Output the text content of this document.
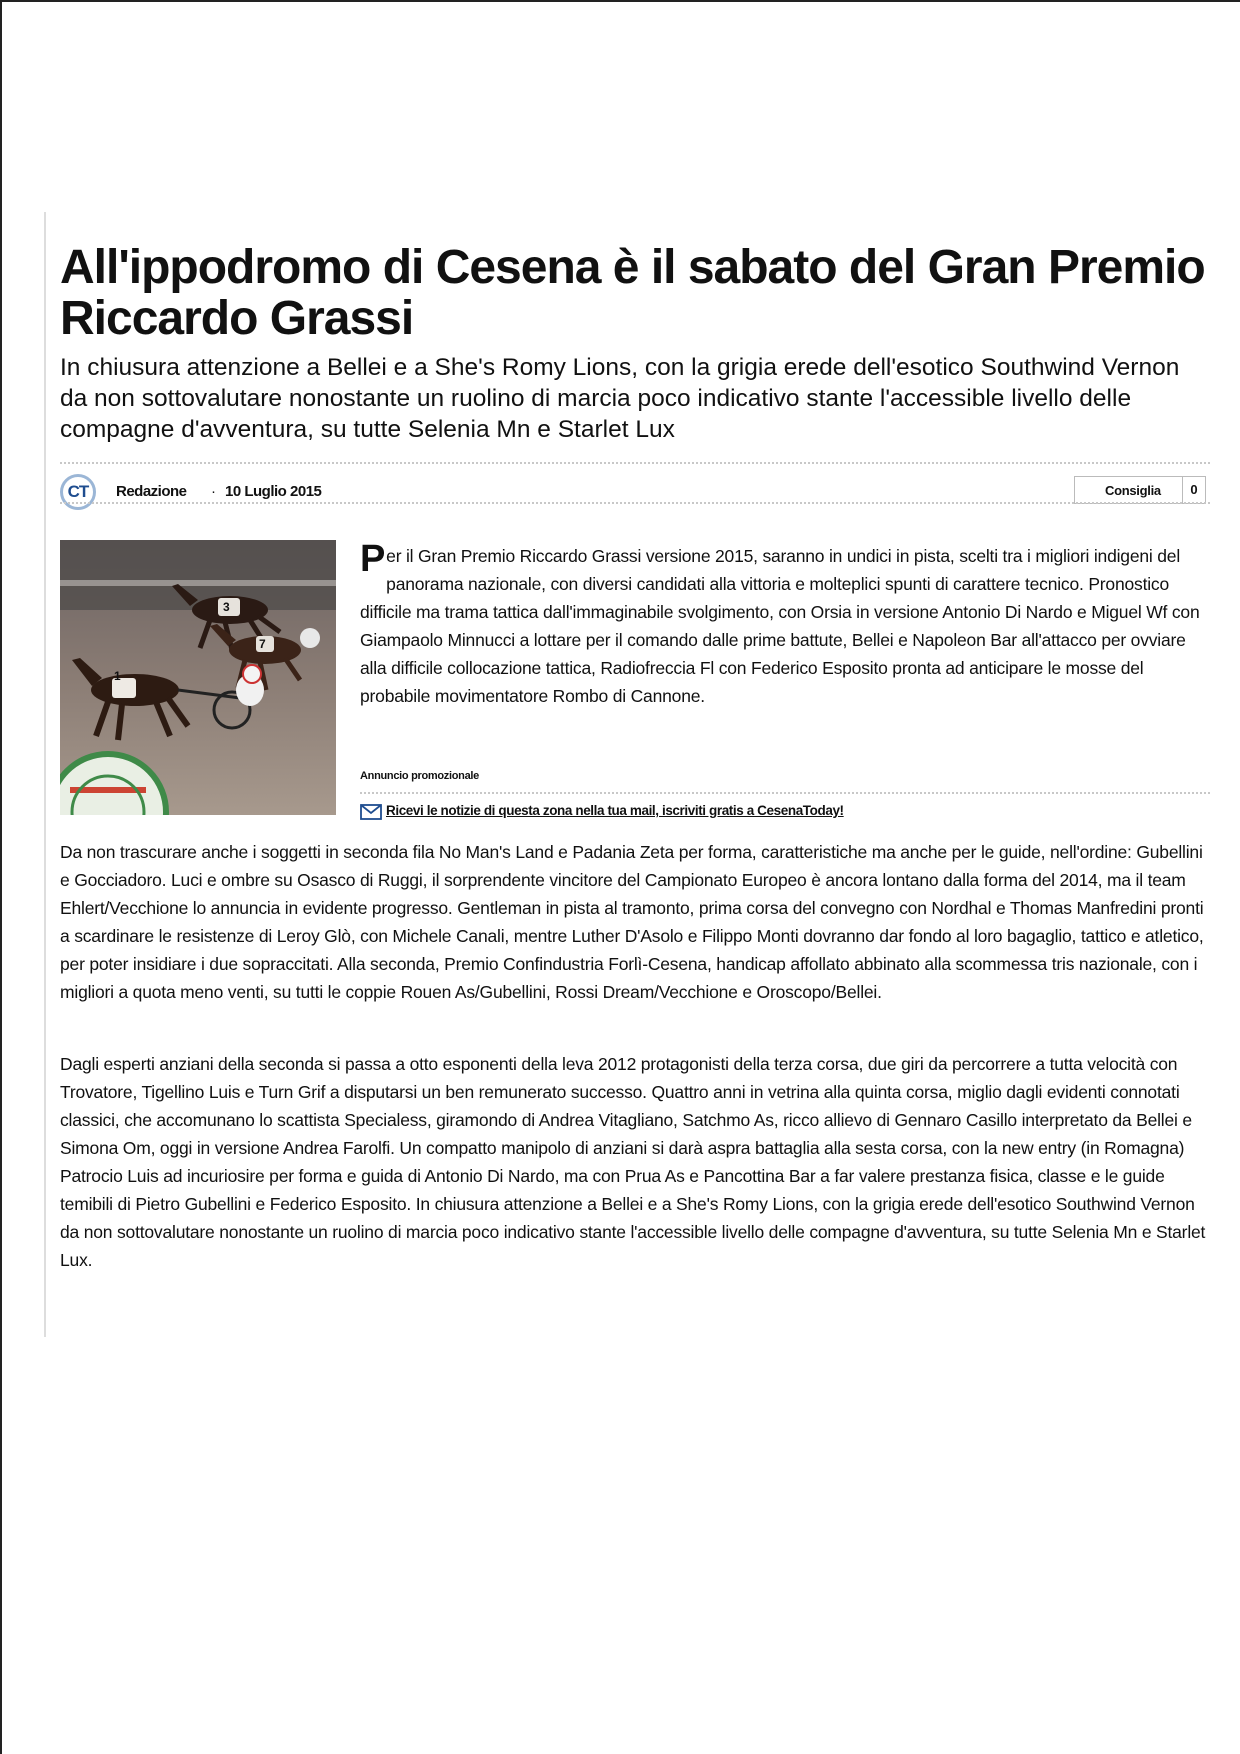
All'ippodromo di Cesena è il sabato del Gran Premio Riccardo Grassi

In chiusura attenzione a Bellei e a She's Romy Lions, con la grigia erede dell'esotico Southwind Vernon da non sottovalutare nonostante un ruolino di marcia poco indicativo stante l'accessible livello delle compagne d'avventura, su tutte Selenia Mn e Starlet Lux

CT	Redazione · 10 Luglio 2015	Consiglia	0
1
3
7

Per il Gran Premio Riccardo Grassi versione 2015, saranno in undici in pista, scelti tra i migliori indigeni del panorama nazionale, con diversi candidati alla vittoria e molteplici spunti di carattere tecnico. Pronostico difficile ma trama tattica dall'immaginabile svolgimento, con Orsia in versione Antonio Di Nardo e Miguel Wf con Giampaolo Minnucci a lottare per il comando dalle prime battute, Bellei e Napoleon Bar all'attacco per ovviare alla difficile collocazione tattica, Radiofreccia Fl con Federico Esposito pronta ad anticipare le mosse del probabile movimentatore Rombo di Cannone.

Annuncio promozionale
Ricevi le notizie di questa zona nella tua mail, iscriviti gratis a CesenaToday!

Da non trascurare anche i soggetti in seconda fila No Man's Land e Padania Zeta per forma, caratteristiche ma anche per le guide, nell'ordine: Gubellini e Gocciadoro. Luci e ombre su Osasco di Ruggi, il sorprendente vincitore del Campionato Europeo è ancora lontano dalla forma del 2014, ma il team Ehlert/Vecchione lo annuncia in evidente progresso. Gentleman in pista al tramonto, prima corsa del convegno con Nordhal e Thomas Manfredini pronti a scardinare le resistenze di Leroy Glò, con Michele Canali, mentre Luther D'Asolo e Filippo Monti dovranno dar fondo al loro bagaglio, tattico e atletico, per poter insidiare i due sopraccitati. Alla seconda, Premio Confindustria Forlì-Cesena, handicap affollato abbinato alla scommessa tris nazionale, con i migliori a quota meno venti, su tutti le coppie Rouen As/Gubellini, Rossi Dream/Vecchione e Oroscopo/Bellei.

Dagli esperti anziani della seconda si passa a otto esponenti della leva 2012 protagonisti della terza corsa, due giri da percorrere a tutta velocità con Trovatore, Tigellino Luis e Turn Grif a disputarsi un ben remunerato successo. Quattro anni in vetrina alla quinta corsa, miglio dagli evidenti connotati classici, che accomunano lo scattista Specialess, giramondo di Andrea Vitagliano, Satchmo As, ricco allievo di Gennaro Casillo interpretato da Bellei e Simona Om, oggi in versione Andrea Farolfi. Un compatto manipolo di anziani si darà aspra battaglia alla sesta corsa, con la new entry (in Romagna) Patrocio Luis ad incuriosire per forma e guida di Antonio Di Nardo, ma con Prua As e Pancottina Bar a far valere prestanza fisica, classe e le guide temibili di Pietro Gubellini e Federico Esposito. In chiusura attenzione a Bellei e a She's Romy Lions, con la grigia erede dell'esotico Southwind Vernon da non sottovalutare nonostante un ruolino di marcia poco indicativo stante l'accessible livello delle compagne d'avventura, su tutte Selenia Mn e Starlet Lux.
